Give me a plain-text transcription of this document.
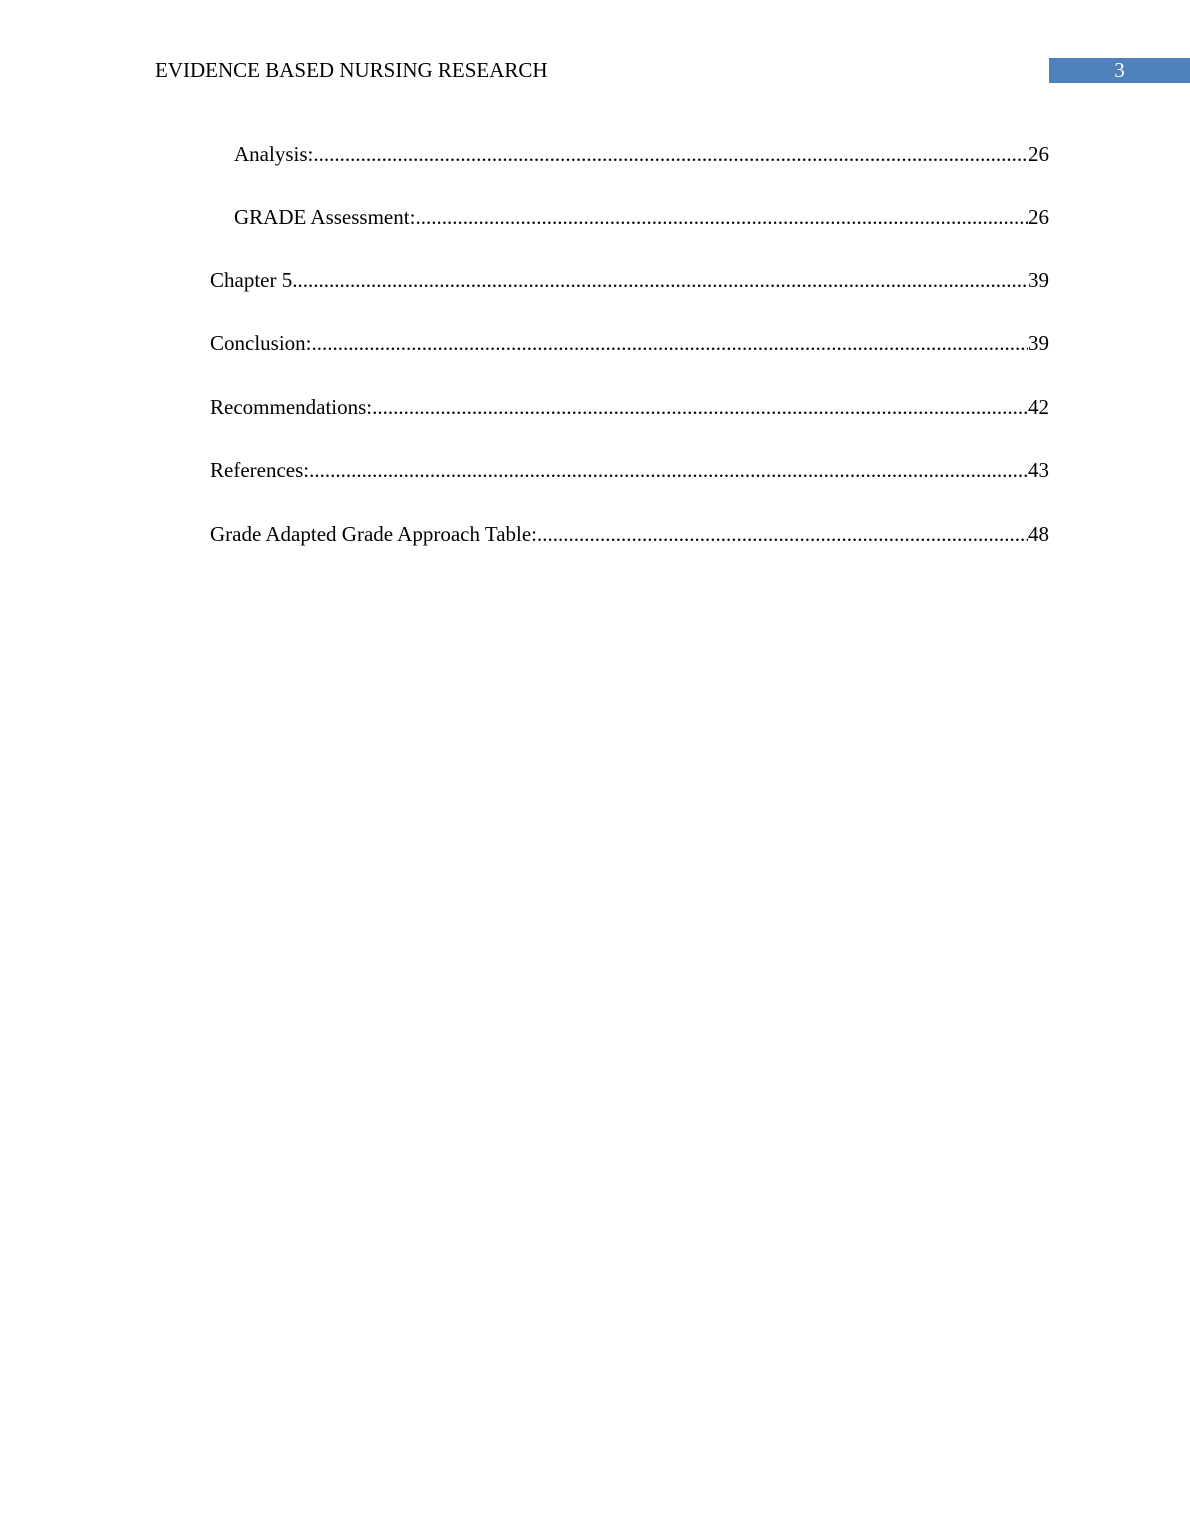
EVIDENCE BASED NURSING RESEARCH	3
Analysis: .....	26
GRADE Assessment: .....	26
Chapter 5 .....	39
Conclusion: .....	39
Recommendations: .....	42
References: .....	43
Grade Adapted Grade Approach Table: .....	48
